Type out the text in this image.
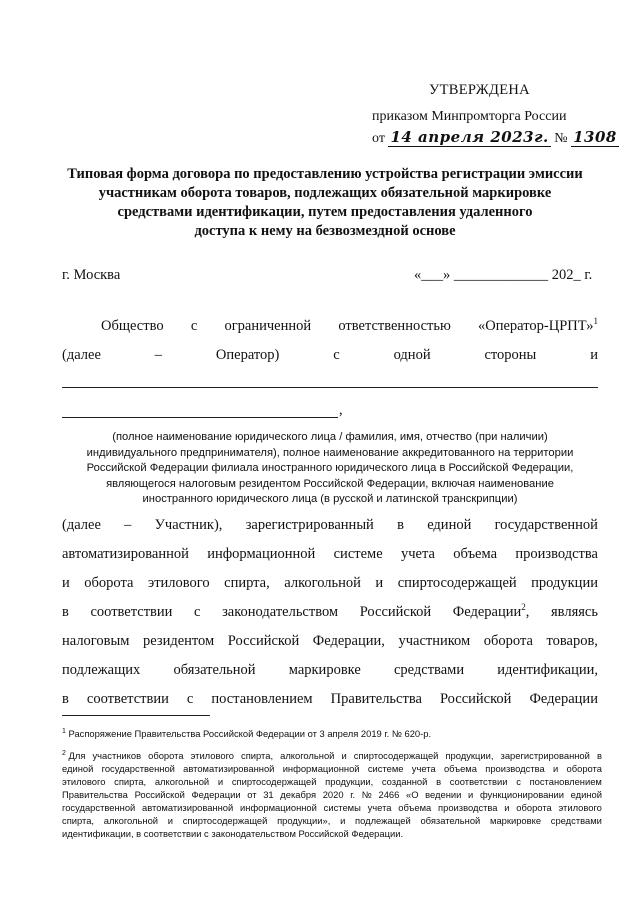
УТВЕРЖДЕНА
приказом Минпромторга России
от 14 апреля 2023г. № 1308
Типовая форма договора по предоставлению устройства регистрации эмиссии
участникам оборота товаров, подлежащих обязательной маркировке
средствами идентификации, путем предоставления удаленного
доступа к нему на безвозмездной основе
г. Москва	«___» _____________ 202_ г.
Общество с ограниченной ответственностью «Оператор-ЦРПТ»$^1$
(далее	–	Оператор)	с	одной	стороны	и
,
(полное наименование юридического лица / фамилия, имя, отчество (при наличии)
индивидуального предпринимателя), полное наименование аккредитованного на территории
Российской Федерации филиала иностранного юридического лица в Российской Федерации,
являющегося налоговым резидентом Российской Федерации, включая наименование
иностранного юридического лица (в русской и латинской транскрипции)
(далее – Участник), зарегистрированный в единой государственной
автоматизированной информационной системе учета объема производства
и оборота этилового спирта, алкогольной и спиртосодержащей продукции
в соответствии с законодательством Российской Федерации$^2$, являясь
налоговым резидентом Российской Федерации, участником оборота товаров,
подлежащих обязательной маркировке средствами идентификации,
в соответствии с постановлением Правительства Российской Федерации
$^1$ Распоряжение Правительства Российской Федерации от 3 апреля 2019 г. № 620-р.
$^2$ Для участников оборота этилового спирта, алкогольной и спиртосодержащей продукции, зарегистрированной в
единой государственной автоматизированной информационной системе учета объема производства и оборота
этилового спирта, алкогольной и спиртосодержащей продукции, созданной в соответствии с постановлением
Правительства Российской Федерации от 31 декабря 2020 г. № 2466 «О ведении и функционировании единой
государственной автоматизированной информационной системы учета объема производства и оборота этилового
спирта, алкогольной и спиртосодержащей продукции», и подлежащей обязательной маркировке средствами
идентификации, в соответствии с законодательством Российской Федерации.
